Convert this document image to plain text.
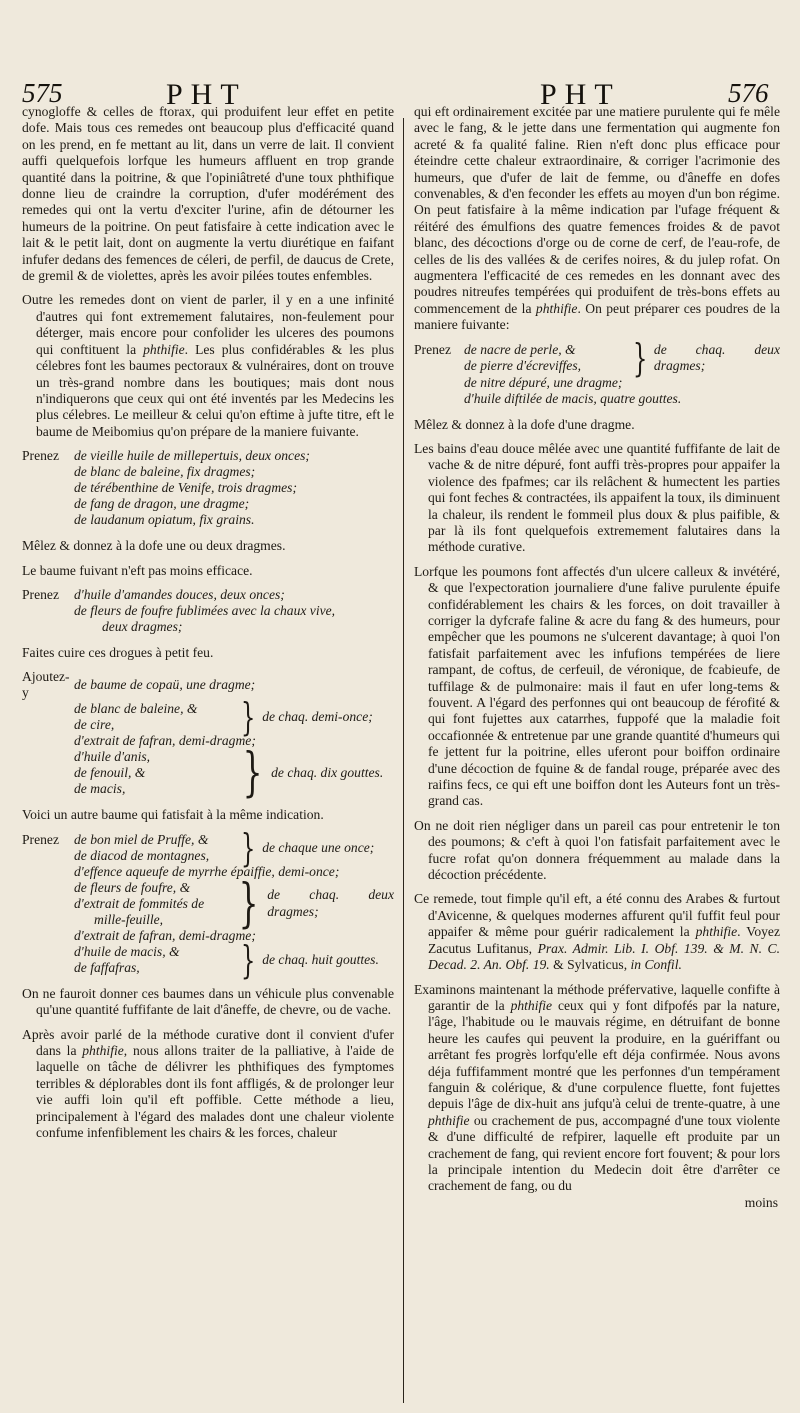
575	PHT	PHT	576

cynogloffe & celles de ftorax, qui produifent leur effet en petite dofe. Mais tous ces remedes ont beaucoup plus d'efficacité quand on les prend, en fe mettant au lit, dans un verre de lait. Il convient auffi quelquefois lorfque les humeurs affluent en trop grande quantité dans la poitrine, & que l'opiniâtreté d'une toux phthifique donne lieu de craindre la corruption, d'ufer modérément des remedes qui ont la vertu d'exciter l'urine, afin de détourner les humeurs de la poitrine. On peut fatisfaire à cette indication avec le lait & le petit lait, dont on augmente la vertu diurétique en faifant infufer dedans des femences de céleri, de perfil, de daucus de Crete, de gremil & de violettes, après les avoir pilées toutes enfembles.

Outre les remedes dont on vient de parler, il y en a une infinité d'autres qui font extremement falutaires, non-feulement pour déterger, mais encore pour confolider les ulceres des poumons qui conftituent la phthifie. Les plus confidérables & les plus célebres font les baumes pectoraux & vulnéraires, dont on trouve un très-grand nombre dans les boutiques; mais dont nous n'indiquerons que ceux qui ont été inventés par les Medecins les plus célebres. Le meilleur & celui qu'on eftime à jufte titre, eft le baume de Meibomius qu'on prépare de la maniere fuivante.

Prenez	de vieille huile de millepertuis, deux onces;
de blanc de baleine, fix dragmes;
de térébenthine de Venife, trois dragmes;
de fang de dragon, une dragme;
de laudanum opiatum, fix grains.

Mêlez & donnez à la dofe une ou deux dragmes.

Le baume fuivant n'eft pas moins efficace.

Prenez	d'huile d'amandes douces, deux onces;
de fleurs de foufre fublimées avec la chaux vive,
deux dragmes;

Faites cuire ces drogues à petit feu.

Ajoutez-y
de baume de copaü, une dragme;
de blanc de baleine, &
de cire,	} de chaq. demi-once;
d'extrait de fafran, demi-dragme;
d'huile d'anis,
de fenouil, &
de macis,	} de chaq. dix gouttes.

Voici un autre baume qui fatisfait à la même indication.

Prenez	de bon miel de Pruffe, &
de diacod de montagnes, } de chaque une once;
d'effence aqueufe de myrrhe épaiffie, demi-once;
de fleurs de foufre, &
d'extrait de fommités de
mille-feuille,	} de chaq. deux dragmes;
d'extrait de fafran, demi-dragme;
d'huile de macis, &
de faffafras,	} de chaq. huit gouttes.

On ne fauroit donner ces baumes dans un véhicule plus convenable qu'une quantité fuffifante de lait d'âneffe, de chevre, ou de vache.

Après avoir parlé de la méthode curative dont il convient d'ufer dans la phthifie, nous allons traiter de la palliative, à l'aide de laquelle on tâche de délivrer les phthifiques des fymptomes terribles & déplorables dont ils font affligés, & de prolonger leur vie auffi loin qu'il eft poffible. Cette méthode a lieu, principalement à l'égard des malades dont une chaleur violente confume infenfiblement les chairs & les forces, chaleur

qui eft ordinairement excitée par une matiere purulente qui fe mêle avec le fang, & le jette dans une fermentation qui augmente fon acreté & fa qualité faline. Rien n'eft donc plus efficace pour éteindre cette chaleur extraordinaire, & corriger l'acrimonie des humeurs, que d'ufer de lait de femme, ou d'âneffe en dofes convenables, & d'en feconder les effets au moyen d'un bon régime. On peut fatisfaire à la même indication par l'ufage fréquent & réitéré des émulfions des quatre femences froides & de pavot blanc, des décoctions d'orge ou de corne de cerf, de l'eau-rofe, de celles de lis des vallées & de cerifes noires, & du julep rofat. On augmentera l'efficacité de ces remedes en les donnant avec des poudres nitreufes tempérées qui produifent de très-bons effets au commencement de la phthifie. On peut préparer ces poudres de la maniere fuivante:

Prenez de nacre de perle, &
de pierre d'écreviffes,	} de chaq. deux dragmes;
de nitre dépuré, une dragme;
d'huile diftilée de macis, quatre gouttes.

Mêlez & donnez à la dofe d'une dragme.

Les bains d'eau douce mêlée avec une quantité fuffifante de lait de vache & de nitre dépuré, font auffi très-propres pour appaifer la violence des fpafmes; car ils relâchent & humectent les parties qui font feches & contractées, ils appaifent la toux, ils diminuent la chaleur, ils rendent le fommeil plus doux & plus paifible, & par là ils font quelquefois extremement falutaires dans la méthode curative.

Lorfque les poumons font affectés d'un ulcere calleux & invétéré, & que l'expectoration journaliere d'une falive purulente épuife confidérablement les chairs & les forces, on doit travailler à corriger la dyfcrafe faline & acre du fang & des humeurs, pour empêcher que les poumons ne s'ulcerent davantage; à quoi l'on fatisfait parfaitement avec les infufions tempérées de liere rampant, de coftus, de cerfeuil, de véronique, de fcabieufe, de tuffilage & de pulmonaire: mais il faut en ufer long-tems & fouvent. A l'égard des perfonnes qui ont beaucoup de férofité & qui font fujettes aux catarrhes, fuppofé que la maladie foit occafionnée & entretenue par une grande quantité d'humeurs qui fe jettent fur la poitrine, elles uferont pour boiffon ordinaire d'une décoction de fquine & de fandal rouge, préparée avec des raifins fecs, ce qui eft une boiffon dont les Auteurs font un très-grand cas.

On ne doit rien négliger dans un pareil cas pour entretenir le ton des poumons; & c'eft à quoi l'on fatisfait parfaitement avec le fucre rofat qu'on donnera fréquemment au malade dans la décoction précédente.

Ce remede, tout fimple qu'il eft, a été connu des Arabes & furtout d'Avicenne, & quelques modernes affurent qu'il fuffit feul pour appaifer & même pour guérir radicalement la phthifie. Voyez Zacutus Lufitanus, Prax. Admir. Lib. I. Obf. 139. & M. N. C. Decad. 2. An. Obf. 19. & Sylvaticus, in Confil.

Examinons maintenant la méthode préfervative, laquelle confifte à garantir de la phthifie ceux qui y font difpofés par la nature, l'âge, l'habitude ou le mauvais régime, en détruifant de bonne heure les caufes qui peuvent la produire, en la guériffant ou arrêtant fes progrès lorfqu'elle eft déja confirmée. Nous avons déja fuffifamment montré que les perfonnes d'un tempérament fanguin & colérique, & d'une corpulence fluette, font fujettes depuis l'âge de dix-huit ans jufqu'à celui de trente-quatre, à une phthifie ou crachement de pus, accompagné d'une toux violente & d'une difficulté de refpirer, laquelle eft produite par un crachement de fang, qui revient encore fort fouvent; & pour lors la principale intention du Medecin doit être d'arrêter ce crachement de fang, ou du

moins
